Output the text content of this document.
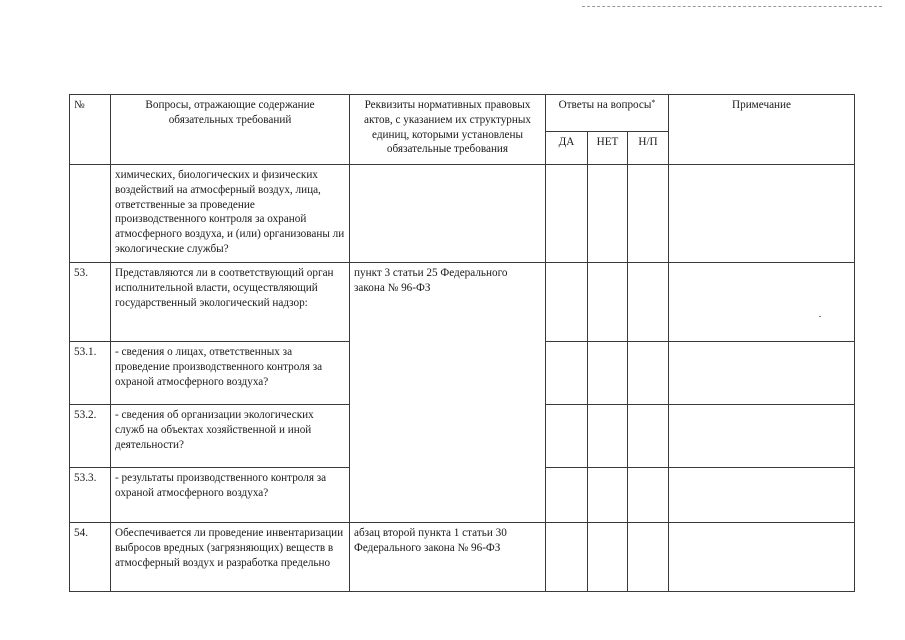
№	Вопросы, отражающие содержание обязательных требований	Реквизиты нормативных правовых актов, с указанием их структурных единиц, которыми установлены обязательные требования	Ответы на вопросы*			Примечание
			ДА	НЕТ	Н/П	
	химических, биологических и физических воздействий на атмосферный воздух, лица, ответственные за проведение производственного контроля за охраной атмосферного воздуха, и (или) организованы ли экологические службы?					
53.	Представляются ли в соответствующий орган исполнительной власти, осуществляющий государственный экологический надзор:	пункт 3 статьи 25 Федерального закона № 96-ФЗ				
53.1.	- сведения о лицах, ответственных за проведение производственного контроля за охраной атмосферного воздуха?					
53.2.	- сведения об организации экологических служб на объектах хозяйственной и иной деятельности?					
53.3.	- результаты производственного контроля за охраной атмосферного воздуха?					
54.	Обеспечивается ли проведение инвентаризации выбросов вредных (загрязняющих) веществ в атмосферный воздух и разработка предельно	абзац второй пункта 1 статьи 30 Федерального закона № 96-ФЗ				
